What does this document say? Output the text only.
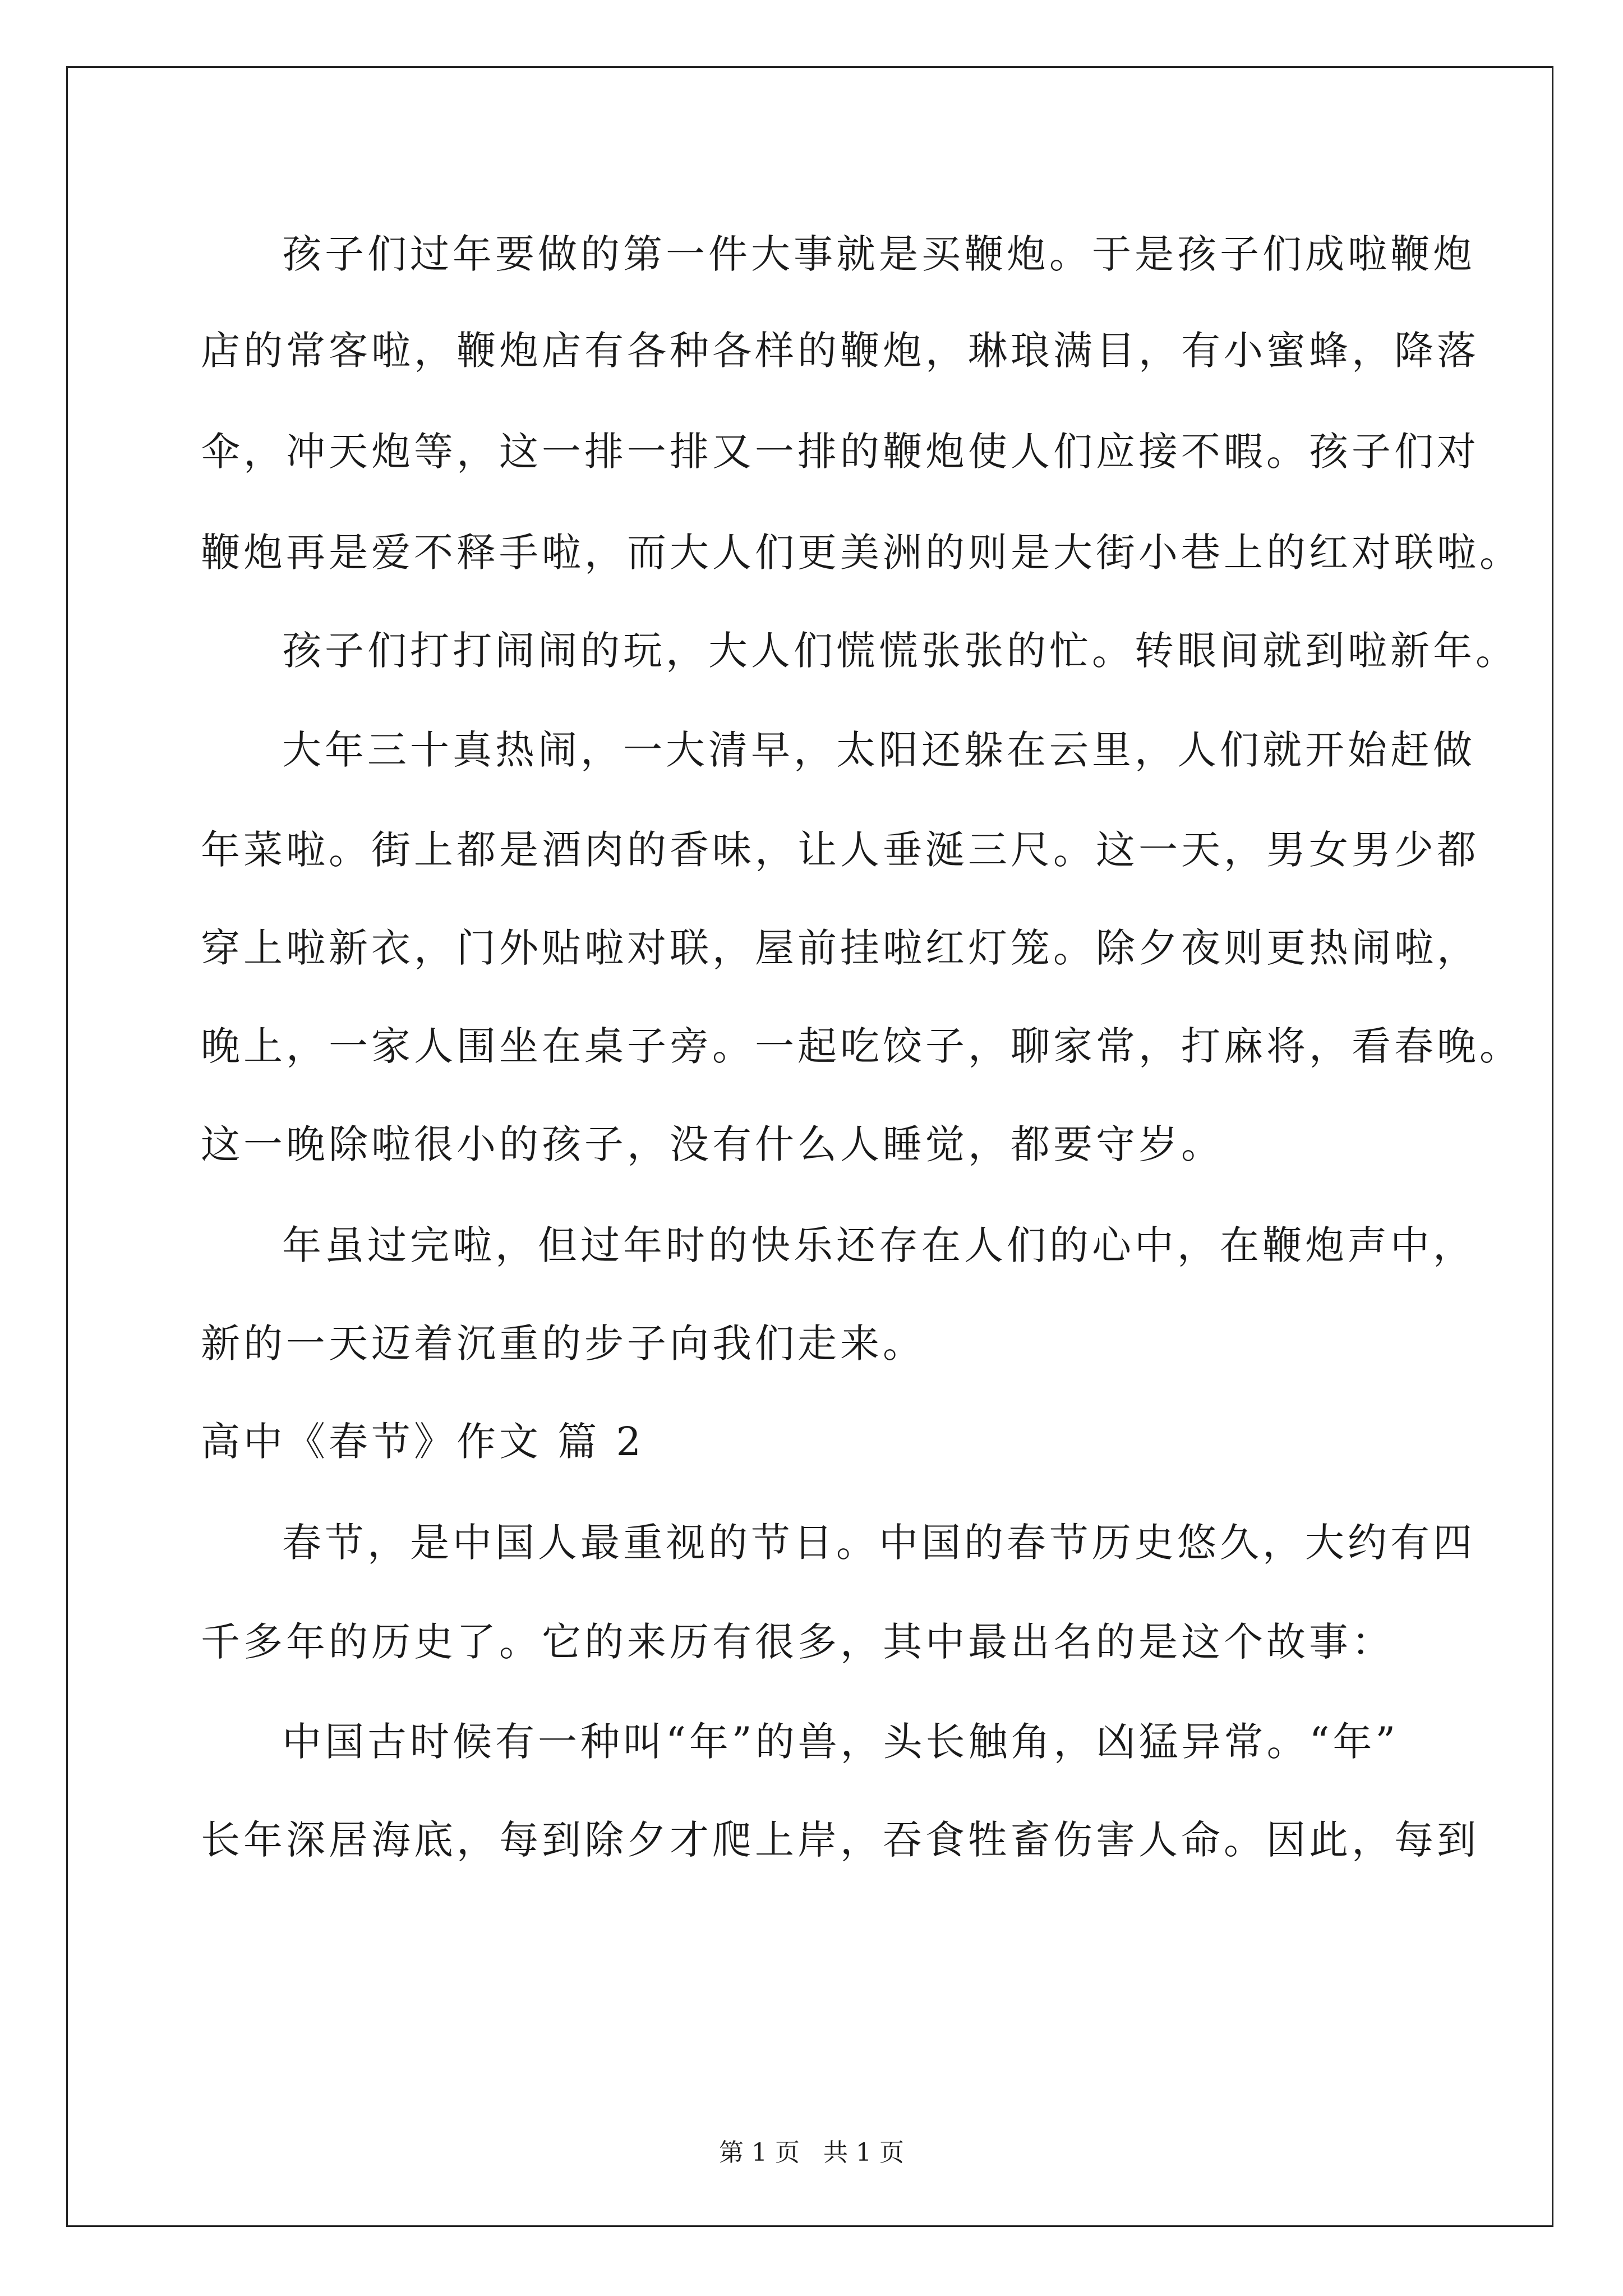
孩子们过年要做的第一件大事就是买鞭炮。于是孩子们成啦鞭炮
店的常客啦，鞭炮店有各种各样的鞭炮，琳琅满目，有小蜜蜂，降落
伞，冲天炮等，这一排一排又一排的鞭炮使人们应接不暇。孩子们对
鞭炮再是爱不释手啦，而大人们更美洲的则是大街小巷上的红对联啦。
孩子们打打闹闹的玩，大人们慌慌张张的忙。转眼间就到啦新年。
大年三十真热闹，一大清早，太阳还躲在云里，人们就开始赶做
年菜啦。街上都是酒肉的香味，让人垂涎三尺。这一天，男女男少都
穿上啦新衣，门外贴啦对联，屋前挂啦红灯笼。除夕夜则更热闹啦，
晚上，一家人围坐在桌子旁。一起吃饺子，聊家常，打麻将，看春晚。
这一晚除啦很小的孩子，没有什么人睡觉，都要守岁。
年虽过完啦，但过年时的快乐还存在人们的心中，在鞭炮声中，
新的一天迈着沉重的步子向我们走来。
高中《春节》作文 篇 2
春节，是中国人最重视的节日。中国的春节历史悠久，大约有四
千多年的历史了。它的来历有很多，其中最出名的是这个故事：
中国古时候有一种叫“年”的兽，头长触角，凶猛异常。“年”
长年深居海底，每到除夕才爬上岸，吞食牲畜伤害人命。因此，每到
第 1 页 共 1 页
